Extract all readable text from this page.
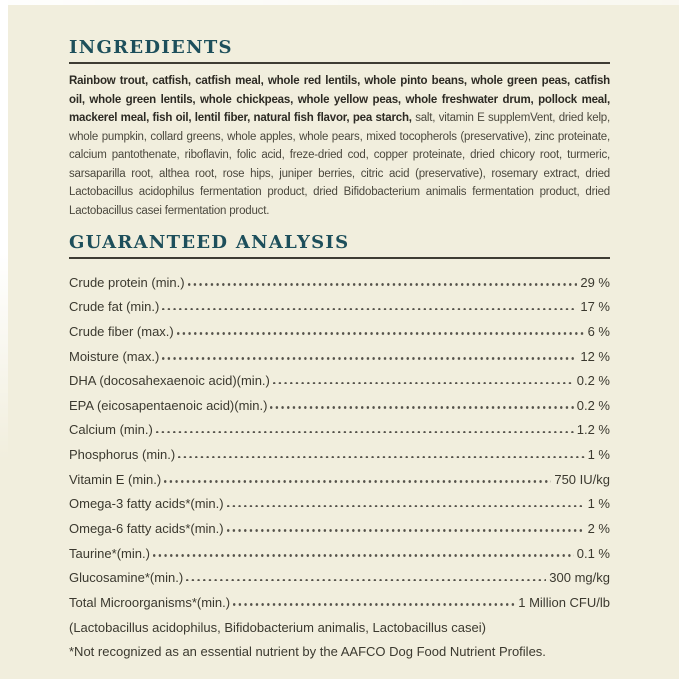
INGREDIENTS

Rainbow trout, catfish, catfish meal, whole red lentils, whole pinto beans, whole green peas, catfish oil, whole green lentils, whole chickpeas, whole yellow peas, whole freshwater drum, pollock meal, mackerel meal, fish oil, lentil fiber, natural fish flavor, pea starch, salt, vitamin E supplemVent, dried kelp, whole pumpkin, collard greens, whole apples, whole pears, mixed tocopherols (preservative), zinc proteinate, calcium pantothenate, riboflavin, folic acid, freze-dried cod, copper proteinate, dried chicory root, turmeric, sarsaparilla root, althea root, rose hips, juniper berries, citric acid (preservative), rosemary extract, dried Lactobacillus acidophilus fermentation product, dried Bifidobacterium animalis fermentation product, dried Lactobacillus casei fermentation product.

GUARANTEED ANALYSIS
Crude protein (min.)	29 %
Crude fat (min.)	17 %
Crude fiber (max.)	6 %
Moisture (max.)	12 %
DHA (docosahexaenoic acid)(min.)	0.2 %
EPA (eicosapentaenoic acid)(min.)	0.2 %
Calcium (min.)	1.2 %
Phosphorus (min.)	1 %
Vitamin E (min.)	750 IU/kg
Omega-3 fatty acids*(min.)	1 %
Omega-6 fatty acids*(min.)	2 %
Taurine*(min.)	0.1 %
Glucosamine*(min.)	300 mg/kg
Total Microorganisms*(min.)	1 Million CFU/lb
(Lactobacillus acidophilus, Bifidobacterium animalis, Lactobacillus casei)
*Not recognized as an essential nutrient by the AAFCO Dog Food Nutrient Profiles.
